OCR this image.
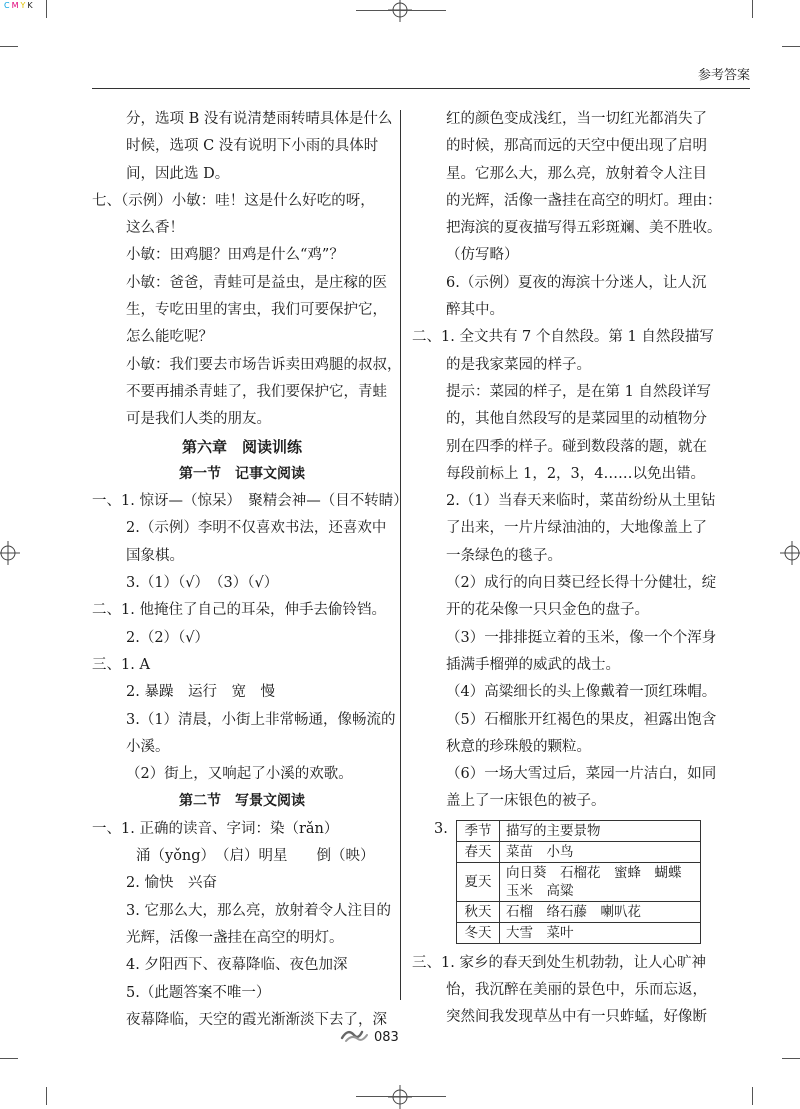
CMYK
参考答案

分，选项 B 没有说清楚雨转晴具体是什么

时候，选项 C 没有说明下小雨的具体时

间，因此选 D。

七、（示例）小敏：哇！这是什么好吃的呀，

这么香！

小敏：田鸡腿？田鸡是什么“鸡”？

小敏：爸爸，青蛙可是益虫，是庄稼的医

生，专吃田里的害虫，我们可要保护它，

怎么能吃呢？

小敏：我们要去市场告诉卖田鸡腿的叔叔，

不要再捕杀青蛙了，我们要保护它，青蛙

可是我们人类的朋友。

第六章　阅读训练

第一节　记事文阅读

一、1. 惊讶—（惊呆）　聚精会神—（目不转睛）

2.（示例）李明不仅喜欢书法，还喜欢中

国象棋。

3.（1）（√）　（3）（√）

二、1. 他掩住了自己的耳朵，伸手去偷铃铛。

2.（2）（√）

三、1. A

2. 暴躁　运行　宽　慢

3.（1）清晨，小街上非常畅通，像畅流的

小溪。

（2）街上，又响起了小溪的欢歌。

第二节　写景文阅读

一、1. 正确的读音、字词：染（rǎn）

涌（yǒng）　（启）明星　　倒（映）

2. 愉快　兴奋

3. 它那么大，那么亮，放射着令人注目的

光辉，活像一盏挂在高空的明灯。

4. 夕阳西下、夜幕降临、夜色加深

5.（此题答案不唯一）

夜幕降临，天空的霞光渐渐淡下去了，深

红的颜色变成浅红，当一切红光都消失了

的时候，那高而远的天空中便出现了启明

星。它那么大，那么亮，放射着令人注目

的光辉，活像一盏挂在高空的明灯。理由：

把海滨的夏夜描写得五彩斑斓、美不胜收。

（仿写略）

6.（示例）夏夜的海滨十分迷人，让人沉

醉其中。

二、1. 全文共有 7 个自然段。第 1 自然段描写

的是我家菜园的样子。

提示：菜园的样子，是在第 1 自然段详写

的，其他自然段写的是菜园里的动植物分

别在四季的样子。碰到数段落的题，就在

每段前标上 1，2，3，4……以免出错。

2.（1）当春天来临时，菜苗纷纷从土里钻

了出来，一片片绿油油的，大地像盖上了

一条绿色的毯子。

（2）成行的向日葵已经长得十分健壮，绽

开的花朵像一只只金色的盘子。

（3）一排排挺立着的玉米，像一个个浑身

插满手榴弹的威武的战士。

（4）高粱细长的头上像戴着一顶红珠帽。

（5）石榴胀开红褐色的果皮，袒露出饱含

秋意的珍珠般的颗粒。

（6）一场大雪过后，菜园一片洁白，如同

盖上了一床银色的被子。

3.	季节	描写的主要景物
春天	菜苗　小鸟

夏天	向日葵　石榴花　蜜蜂　蝴蝶
玉米　高粱

秋天	石榴　络石藤　喇叭花

冬天	大雪　菜叶

三、1. 家乡的春天到处生机勃勃，让人心旷神

怡，我沉醉在美丽的景色中，乐而忘返，

突然间我发现草丛中有一只蚱蜢，好像断

083
